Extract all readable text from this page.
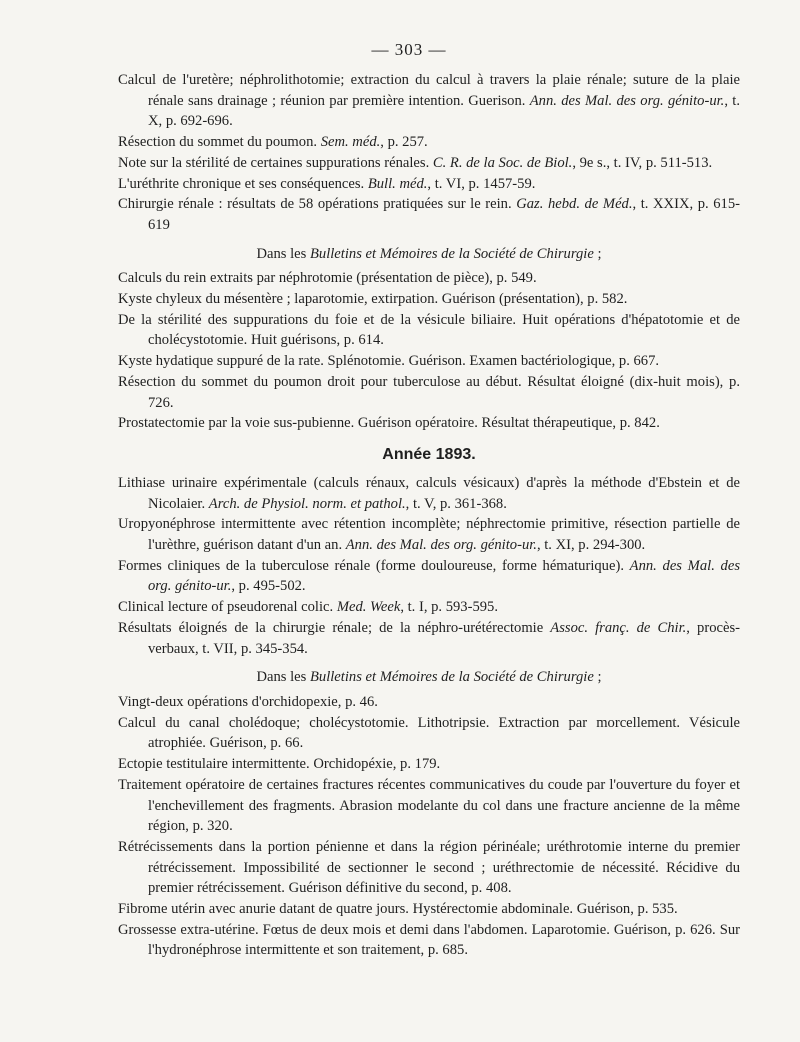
— 303 —

Calcul de l'uretère; néphrolithotomie; extraction du calcul à travers la plaie rénale; suture de la plaie rénale sans drainage ; réunion par première intention. Guerison. Ann. des Mal. des org. génito-ur., t. X, p. 692-696.

Résection du sommet du poumon. Sem. méd., p. 257.

Note sur la stérilité de certaines suppurations rénales. C. R. de la Soc. de Biol., 9e s., t. IV, p. 511-513.

L'uréthrite chronique et ses conséquences. Bull. méd., t. VI, p. 1457-59.

Chirurgie rénale : résultats de 58 opérations pratiquées sur le rein. Gaz. hebd. de Méd., t. XXIX, p. 615-619

Dans les Bulletins et Mémoires de la Société de Chirurgie ;

Calculs du rein extraits par néphrotomie (présentation de pièce), p. 549.

Kyste chyleux du mésentère ; laparotomie, extirpation. Guérison (présentation), p. 582.

De la stérilité des suppurations du foie et de la vésicule biliaire. Huit opérations d'hépatotomie et de cholécystotomie. Huit guérisons, p. 614.

Kyste hydatique suppuré de la rate. Splénotomie. Guérison. Examen bactériologique, p. 667.

Résection du sommet du poumon droit pour tuberculose au début. Résultat éloigné (dix-huit mois), p. 726.

Prostatectomie par la voie sus-pubienne. Guérison opératoire. Résultat thérapeutique, p. 842.

Année 1893.

Lithiase urinaire expérimentale (calculs rénaux, calculs vésicaux) d'après la méthode d'Ebstein et de Nicolaier. Arch. de Physiol. norm. et pathol., t. V, p. 361-368.

Uropyonéphrose intermittente avec rétention incomplète; néphrectomie primitive, résection partielle de l'urèthre, guérison datant d'un an. Ann. des Mal. des org. génito-ur., t. XI, p. 294-300.

Formes cliniques de la tuberculose rénale (forme douloureuse, forme hématurique). Ann. des Mal. des org. génito-ur., p. 495-502.

Clinical lecture of pseudorenal colic. Med. Week, t. I, p. 593-595.

Résultats éloignés de la chirurgie rénale; de la néphro-urétérectomie Assoc. franç. de Chir., procès-verbaux, t. VII, p. 345-354.

Dans les Bulletins et Mémoires de la Société de Chirurgie ;

Vingt-deux opérations d'orchidopexie, p. 46.

Calcul du canal cholédoque; cholécystotomie. Lithotripsie. Extraction par morcellement. Vésicule atrophiée. Guérison, p. 66.

Ectopie testitulaire intermittente. Orchidopéxie, p. 179.

Traitement opératoire de certaines fractures récentes communicatives du coude par l'ouverture du foyer et l'enchevillement des fragments. Abrasion modelante du col dans une fracture ancienne de la même région, p. 320.

Rétrécissements dans la portion pénienne et dans la région périnéale; uréthrotomie interne du premier rétrécissement. Impossibilité de sectionner le second ; uréthrectomie de nécessité. Récidive du premier rétrécissement. Guérison définitive du second, p. 408.

Fibrome utérin avec anurie datant de quatre jours. Hystérectomie abdominale. Guérison, p. 535.

Grossesse extra-utérine. Fœtus de deux mois et demi dans l'abdomen. Laparotomie. Guérison, p. 626. Sur l'hydronéphrose intermittente et son traitement, p. 685.
